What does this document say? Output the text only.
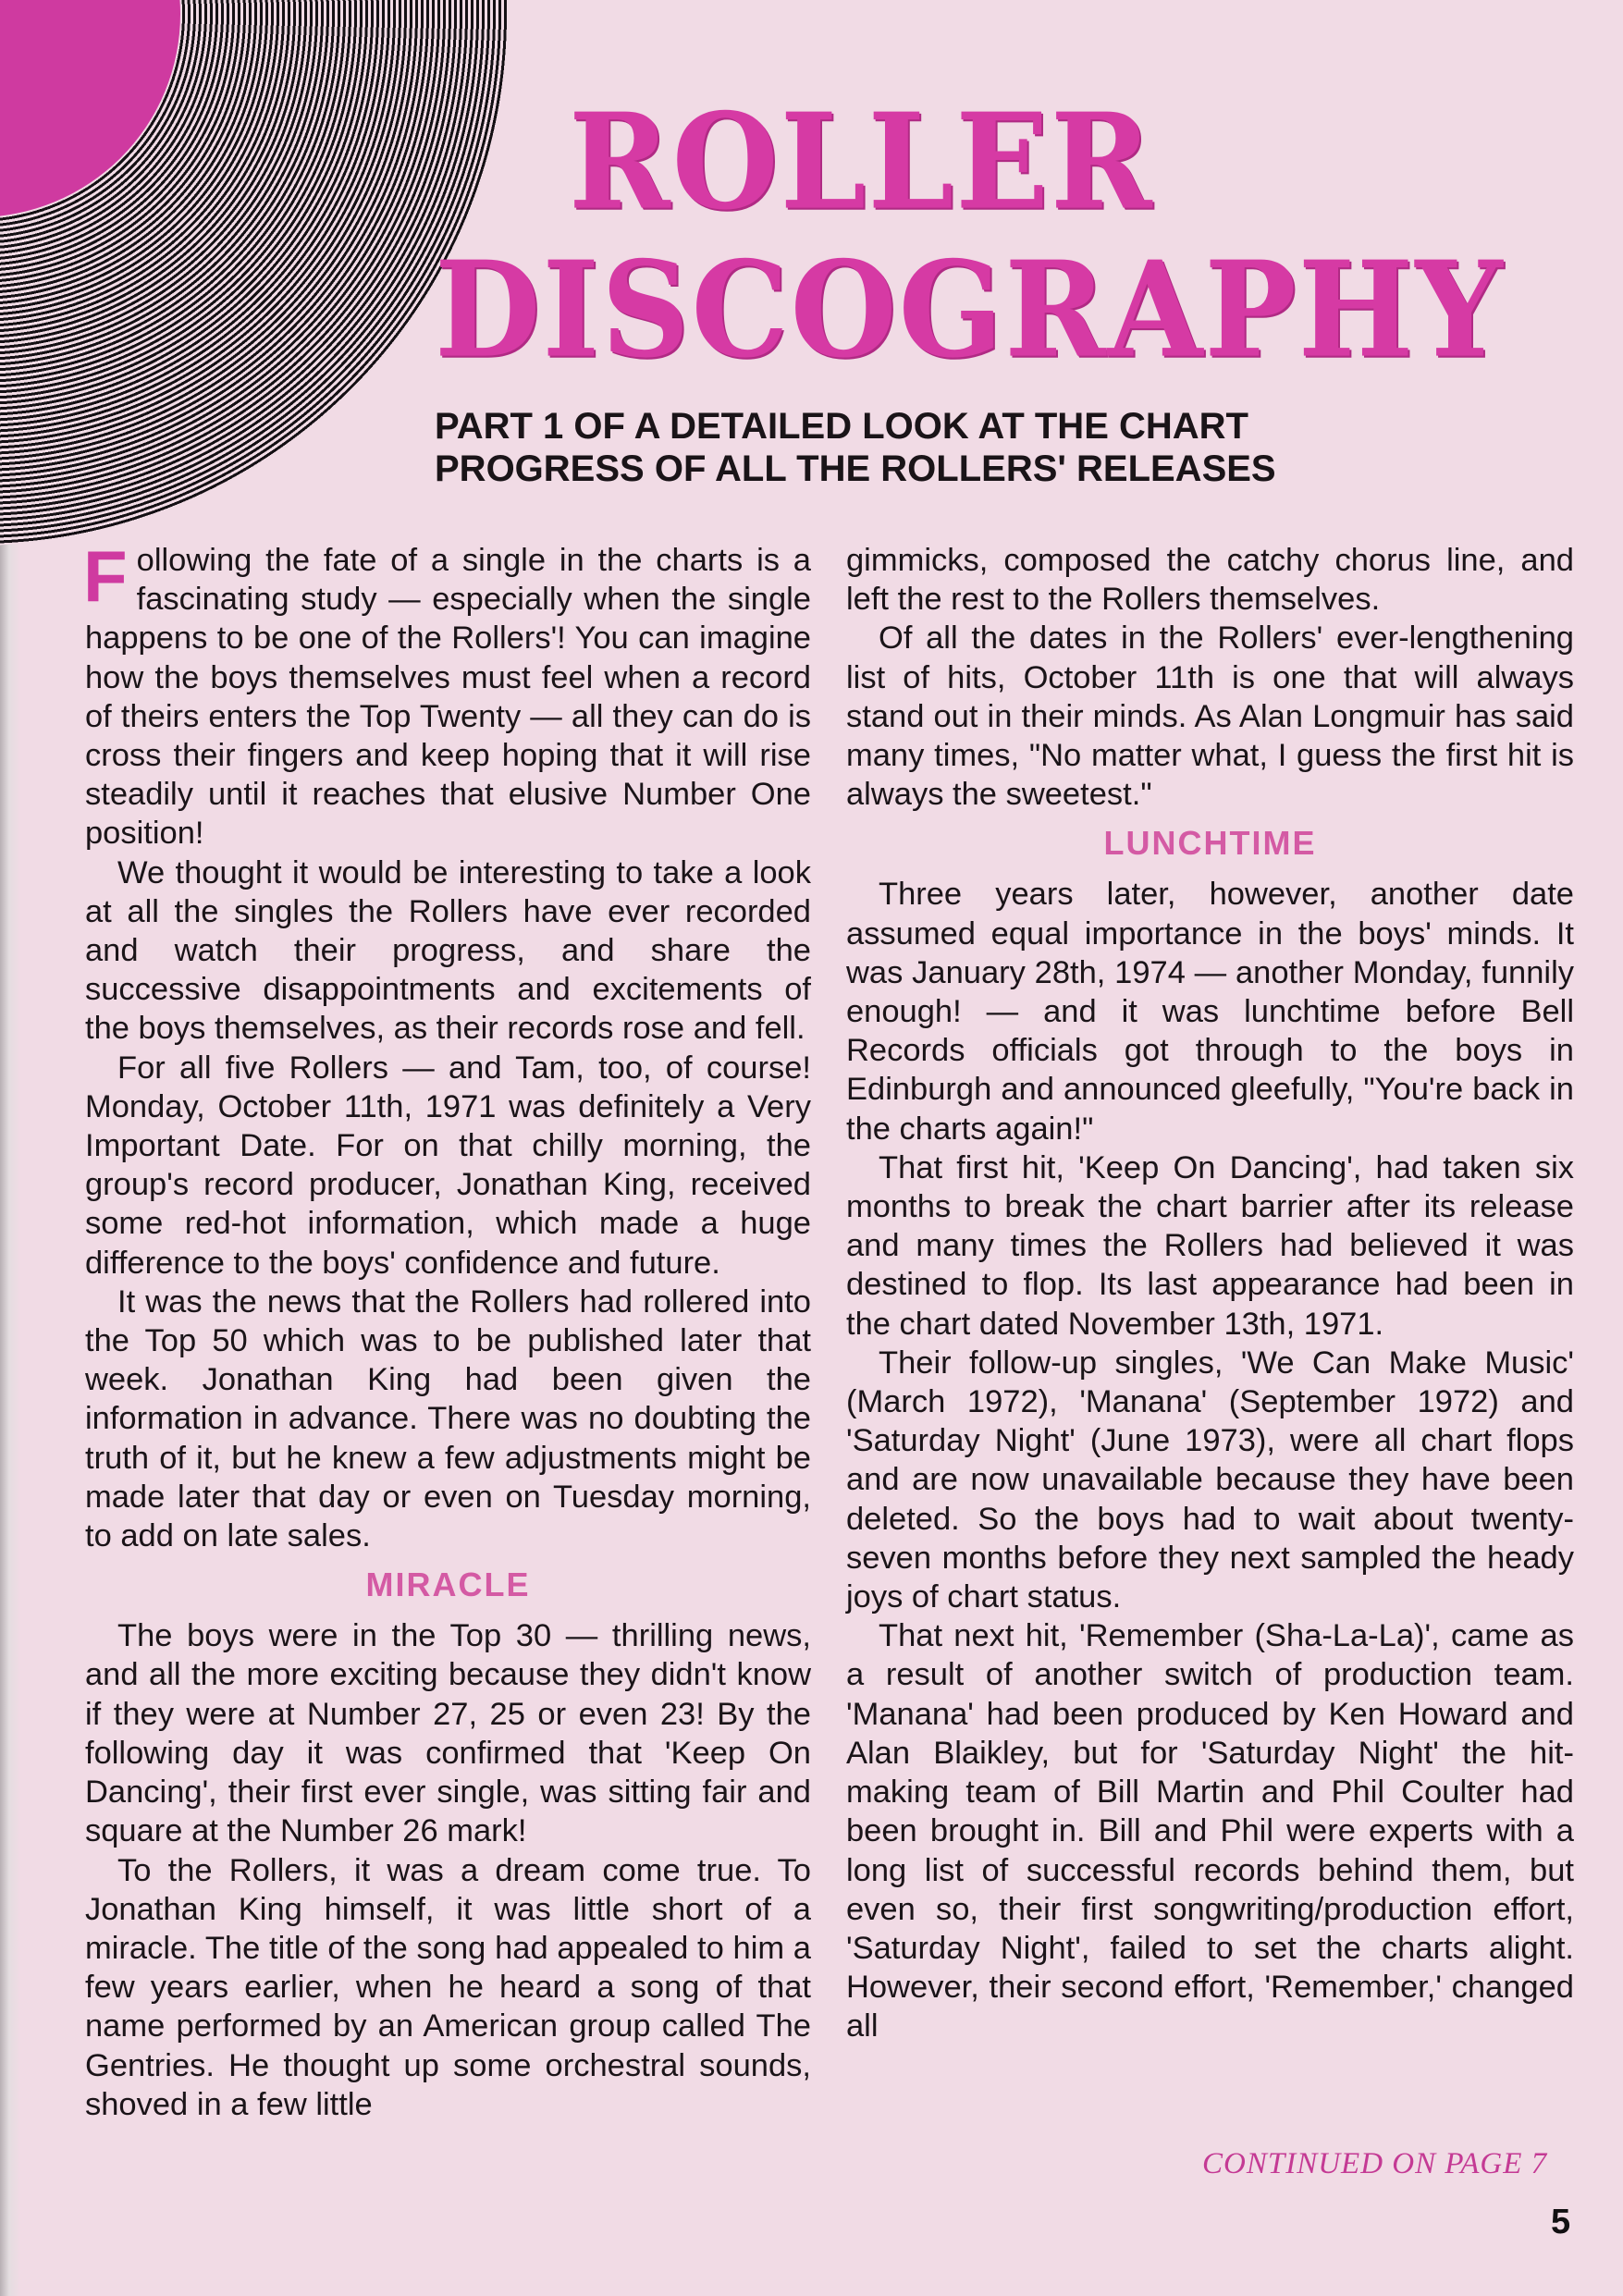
ROLLER
DISCOGRAPHY

PART 1 OF A DETAILED LOOK AT THE CHART PROGRESS OF ALL THE ROLLERS' RELEASES

Following the fate of a single in the charts is a fascinating study — especially when the single happens to be one of the Rollers'! You can imagine how the boys themselves must feel when a record of theirs enters the Top Twenty — all they can do is cross their fingers and keep hoping that it will rise steadily until it reaches that elusive Number One position!

We thought it would be interesting to take a look at all the singles the Rollers have ever recorded and watch their progress, and share the successive disappointments and excitements of the boys themselves, as their records rose and fell.

For all five Rollers — and Tam, too, of course! Monday, October 11th, 1971 was definitely a Very Important Date. For on that chilly morning, the group's record producer, Jonathan King, received some red-hot information, which made a huge difference to the boys' confidence and future.

It was the news that the Rollers had rollered into the Top 50 which was to be published later that week. Jonathan King had been given the information in advance. There was no doubting the truth of it, but he knew a few adjustments might be made later that day or even on Tuesday morning, to add on late sales.

MIRACLE

The boys were in the Top 30 — thrilling news, and all the more exciting because they didn't know if they were at Number 27, 25 or even 23! By the following day it was confirmed that 'Keep On Dancing', their first ever single, was sitting fair and square at the Number 26 mark!

To the Rollers, it was a dream come true. To Jonathan King himself, it was little short of a miracle. The title of the song had appealed to him a few years earlier, when he heard a song of that name performed by an American group called The Gentries. He thought up some orchestral sounds, shoved in a few little

gimmicks, composed the catchy chorus line, and left the rest to the Rollers themselves.

Of all the dates in the Rollers' ever-lengthening list of hits, October 11th is one that will always stand out in their minds. As Alan Longmuir has said many times, "No matter what, I guess the first hit is always the sweetest."

LUNCHTIME

Three years later, however, another date assumed equal importance in the boys' minds. It was January 28th, 1974 — another Monday, funnily enough! — and it was lunchtime before Bell Records officials got through to the boys in Edinburgh and announced gleefully, "You're back in the charts again!"

That first hit, 'Keep On Dancing', had taken six months to break the chart barrier after its release and many times the Rollers had believed it was destined to flop. Its last appearance had been in the chart dated November 13th, 1971.

Their follow-up singles, 'We Can Make Music' (March 1972), 'Manana' (September 1972) and 'Saturday Night' (June 1973), were all chart flops and are now unavailable because they have been deleted. So the boys had to wait about twenty-seven months before they next sampled the heady joys of chart status.

That next hit, 'Remember (Sha-La-La)', came as a result of another switch of production team. 'Manana' had been produced by Ken Howard and Alan Blaikley, but for 'Saturday Night' the hit-making team of Bill Martin and Phil Coulter had been brought in. Bill and Phil were experts with a long list of successful records behind them, but even so, their first songwriting/production effort, 'Saturday Night', failed to set the charts alight. However, their second effort, 'Remember,' changed all

CONTINUED ON PAGE 7

5
